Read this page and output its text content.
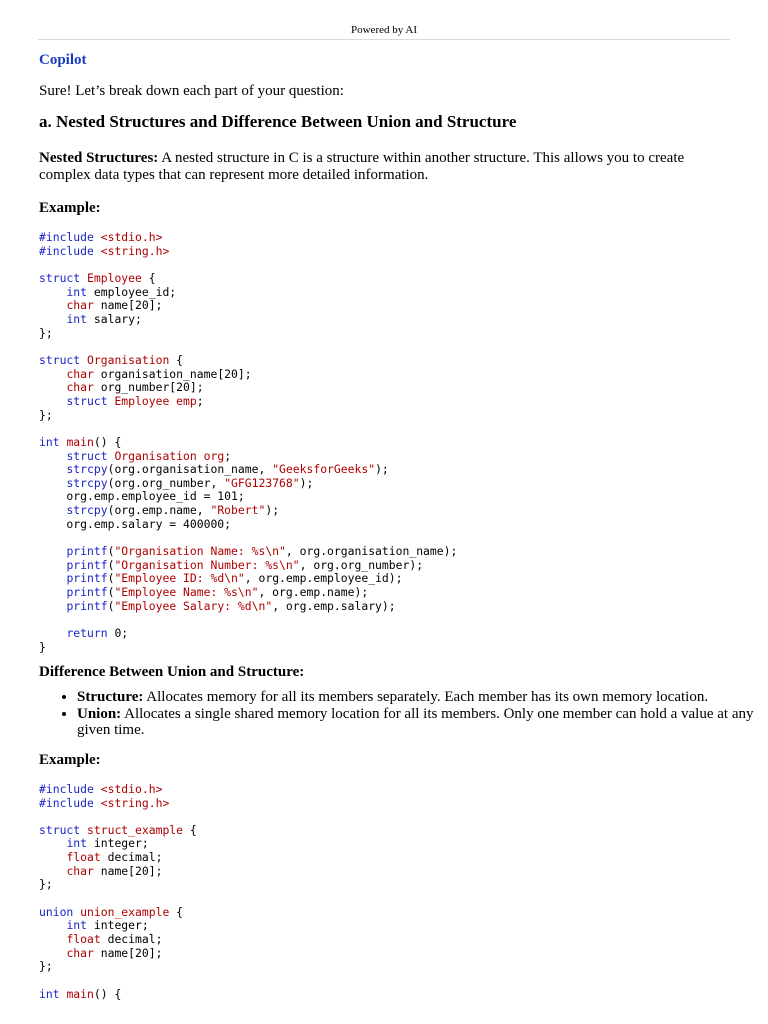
Powered by AI
Copilot

Sure! Let’s break down each part of your question:

a. Nested Structures and Difference Between Union and Structure

Nested Structures: A nested structure in C is a structure within another structure. This allows you to create complex data types that can represent more detailed information.

Example:
#include <stdio.h>
#include <string.h>

struct Employee {
int employee_id;
char name[20];
int salary;
};

struct Organisation {
char organisation_name[20];
char org_number[20];
struct Employee emp;
};

int main() {
struct Organisation org;
strcpy(org.organisation_name, "GeeksforGeeks");
strcpy(org.org_number, "GFG123768");
org.emp.employee_id = 101;
strcpy(org.emp.name, "Robert");
org.emp.salary = 400000;

printf("Organisation Name: %s\n", org.organisation_name);
printf("Organisation Number: %s\n", org.org_number);
printf("Employee ID: %d\n", org.emp.employee_id);
printf("Employee Name: %s\n", org.emp.name);
printf("Employee Salary: %d\n", org.emp.salary);

return 0;
}
Difference Between Union and Structure:
• Structure: Allocates memory for all its members separately. Each member has its own memory location.
• Union: Allocates a single shared memory location for all its members. Only one member can hold a value at any given time.
Example:
#include <stdio.h>
#include <string.h>

struct struct_example {
int integer;
float decimal;
char name[20];
};

union union_example {
int integer;
float decimal;
char name[20];
};

int main() {
